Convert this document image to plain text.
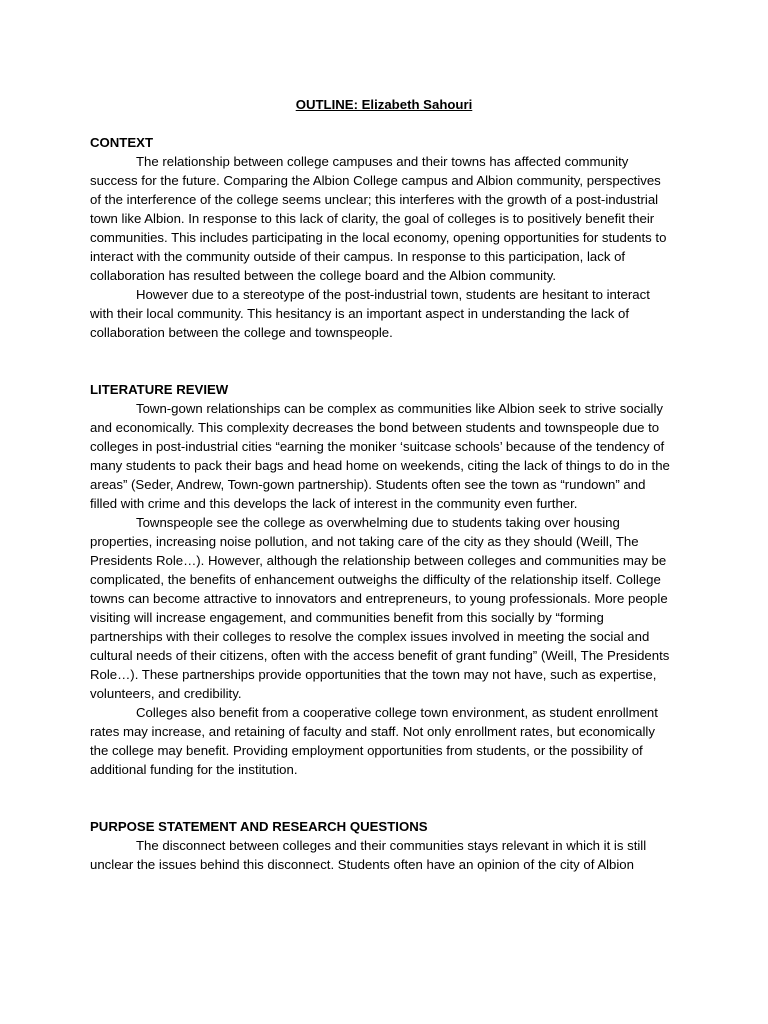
OUTLINE: Elizabeth Sahouri

CONTEXT

The relationship between college campuses and their towns has affected community success for the future. Comparing the Albion College campus and Albion community, perspectives of the interference of the college seems unclear; this interferes with the growth of a post-industrial town like Albion. In response to this lack of clarity, the goal of colleges is to positively benefit their communities. This includes participating in the local economy, opening opportunities for students to interact with the community outside of their campus. In response to this participation, lack of collaboration has resulted between the college board and the Albion community.

However due to a stereotype of the post-industrial town, students are hesitant to interact with their local community. This hesitancy is an important aspect in understanding the lack of collaboration between the college and townspeople.

LITERATURE REVIEW

Town-gown relationships can be complex as communities like Albion seek to strive socially and economically. This complexity decreases the bond between students and townspeople due to colleges in post-industrial cities “earning the moniker ‘suitcase schools’ because of the tendency of many students to pack their bags and head home on weekends, citing the lack of things to do in the areas” (Seder, Andrew, Town-gown partnership). Students often see the town as “rundown” and filled with crime and this develops the lack of interest in the community even further.

Townspeople see the college as overwhelming due to students taking over housing properties, increasing noise pollution, and not taking care of the city as they should (Weill, The Presidents Role…). However, although the relationship between colleges and communities may be complicated, the benefits of enhancement outweighs the difficulty of the relationship itself. College towns can become attractive to innovators and entrepreneurs, to young professionals. More people visiting will increase engagement, and communities benefit from this socially by “forming partnerships with their colleges to resolve the complex issues involved in meeting the social and cultural needs of their citizens, often with the access benefit of grant funding” (Weill, The Presidents Role…). These partnerships provide opportunities that the town may not have, such as expertise, volunteers, and credibility.

Colleges also benefit from a cooperative college town environment, as student enrollment rates may increase, and retaining of faculty and staff. Not only enrollment rates, but economically the college may benefit. Providing employment opportunities from students, or the possibility of additional funding for the institution.

PURPOSE STATEMENT AND RESEARCH QUESTIONS

The disconnect between colleges and their communities stays relevant in which it is still unclear the issues behind this disconnect. Students often have an opinion of the city of Albion
